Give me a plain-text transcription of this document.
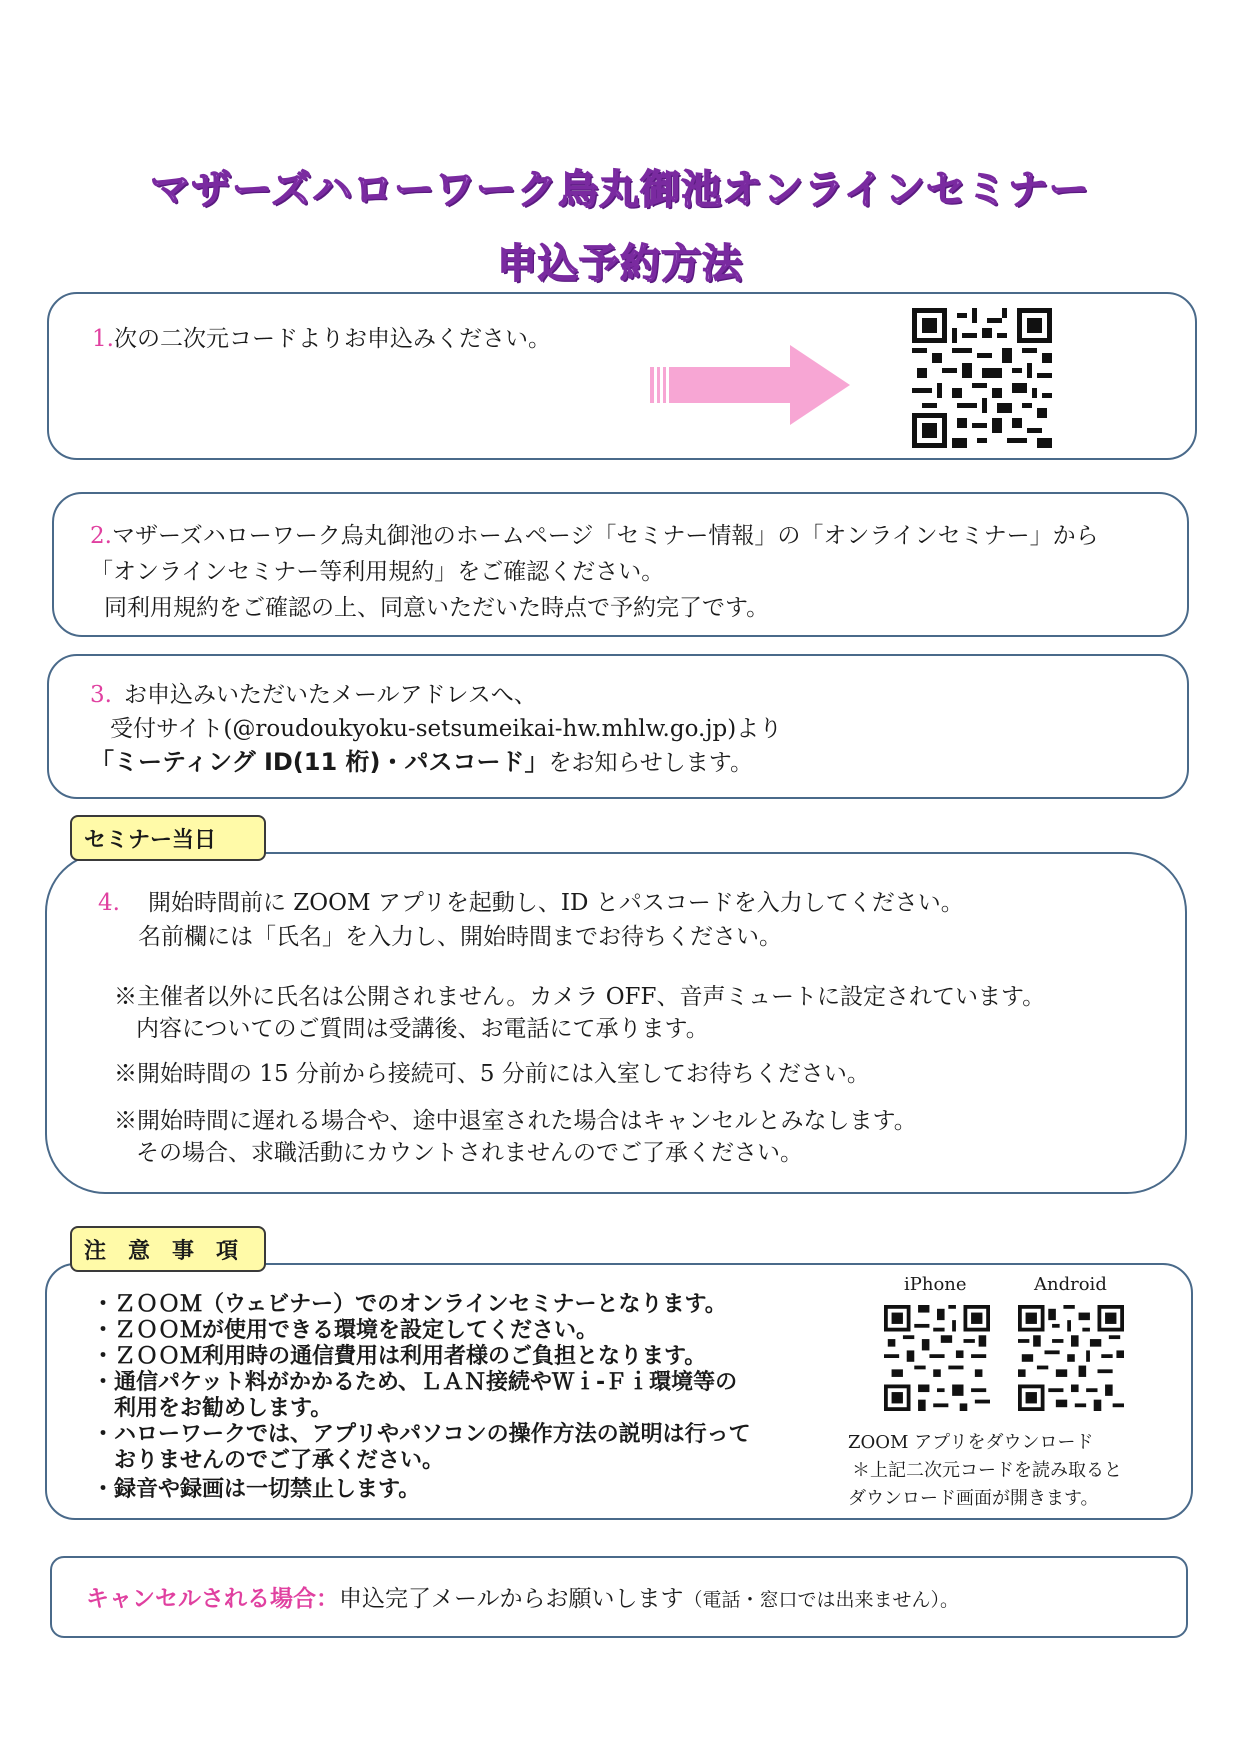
マザーズハローワーク烏丸御池オンラインセミナー
申込予約方法
1.次の二次元コードよりお申込みください。
2.マザーズハローワーク烏丸御池のホームページ「セミナー情報」の「オンラインセミナー」から
「オンラインセミナー等利用規約」をご確認ください。
同利用規約をご確認の上、同意いただいた時点で予約完了です。
3. お申込みいただいたメールアドレスへ、
受付サイト(@roudoukyoku-setsumeikai-hw.mhlw.go.jp)より
「ミーティング ID(11 桁)・パスコード」をお知らせします。
セミナー当日
4. 開始時間前に ZOOM アプリを起動し、ID とパスコードを入力してください。
名前欄には「氏名」を入力し、開始時間までお待ちください。
※主催者以外に氏名は公開されません。カメラ OFF、音声ミュートに設定されています。
内容についてのご質問は受講後、お電話にて承ります。
※開始時間の 15 分前から接続可、5 分前には入室してお待ちください。
※開始時間に遅れる場合や、途中退室された場合はキャンセルとみなします。
その場合、求職活動にカウントされませんのでご了承ください。
注　意　事　項
・ＺＯＯＭ（ウェビナー）でのオンラインセミナーとなります。
・ＺＯＯＭが使用できる環境を設定してください。
・ＺＯＯＭ利用時の通信費用は利用者様のご負担となります。
・通信パケット料がかかるため、ＬＡＮ接続やＷｉ-Ｆｉ環境等の
　利用をお勧めします。
・ハローワークでは、アプリやパソコンの操作方法の説明は行って
　おりませんのでご了承ください。
・録音や録画は一切禁止します。
iPhone	Android
ZOOM アプリをダウンロード
＊上記二次元コードを読み取ると
ダウンロード画面が開きます。
キャンセルされる場合：申込完了メールからお願いします（電話・窓口では出来ません）。
